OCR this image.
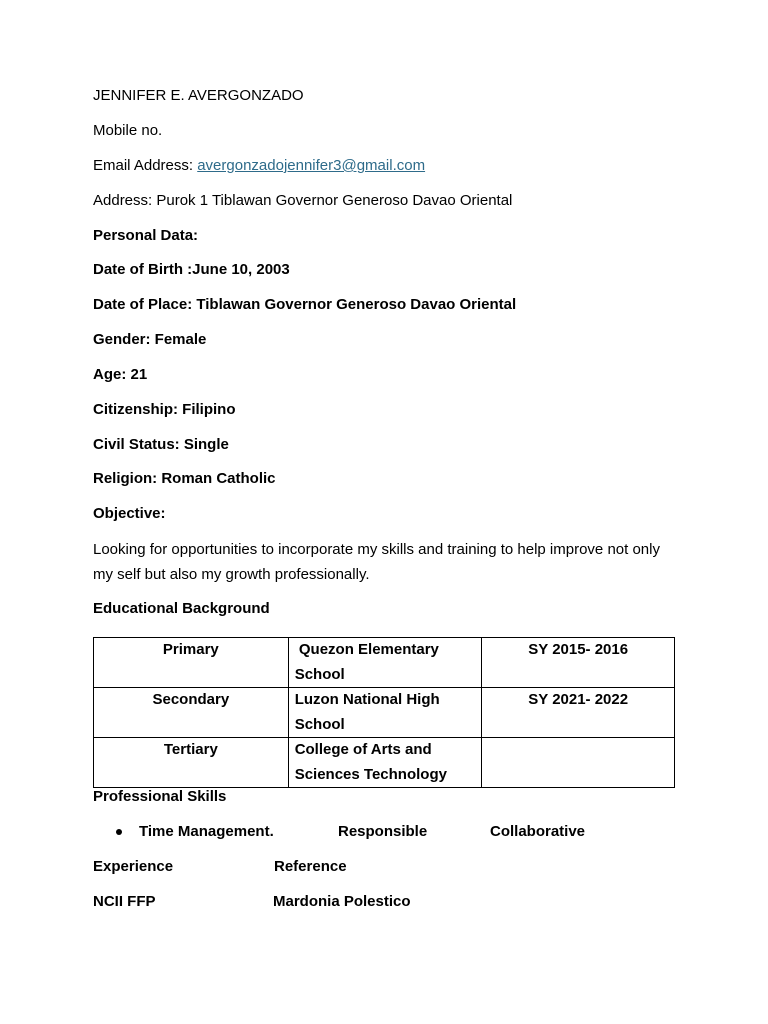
JENNIFER E. AVERGONZADO
Mobile no.
Email Address: avergonzadojennifer3@gmail.com
Address: Purok 1 Tiblawan Governor Generoso Davao Oriental
Personal Data:
Date of Birth :June 10, 2003
Date of Place: Tiblawan Governor Generoso Davao Oriental
Gender: Female
Age: 21
Citizenship: Filipino
Civil Status: Single
Religion: Roman Catholic
Objective:
Looking for opportunities to incorporate my skills and training to help improve not only my self but also my growth professionally.
Educational Background
Primary	Quezon Elementary School	SY 2015- 2016
Secondary	Luzon National High School	SY 2021- 2022
Tertiary	College of Arts and Sciences Technology	
Professional Skills
Time Management.	Responsible	Collaborative
Experience	Reference
NCII FFP	Mardonia Polestico
